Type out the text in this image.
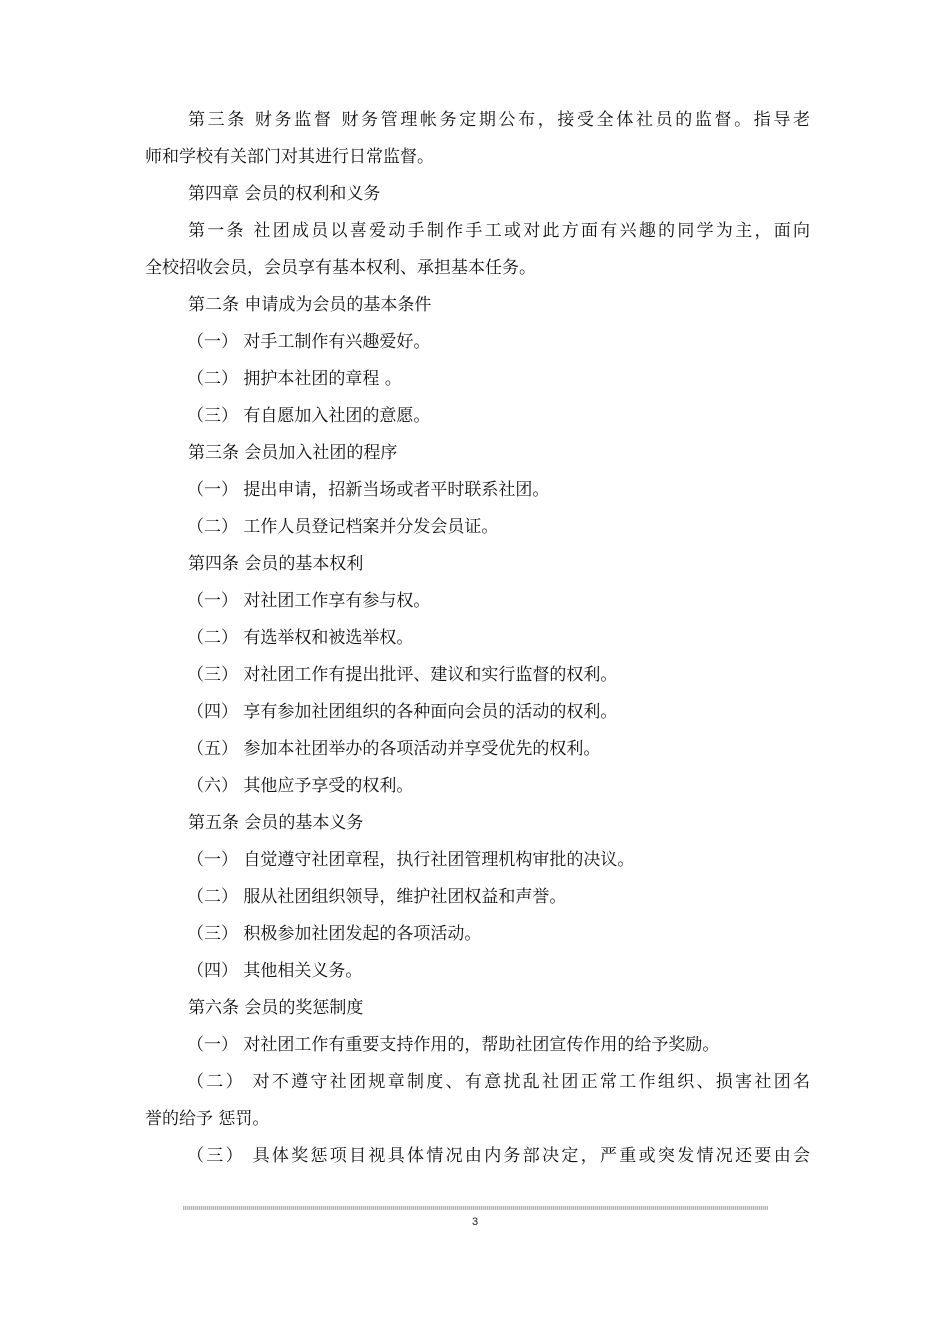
第三条 财务监督 财务管理帐务定期公布，接受全体社员的监督。指导老
师和学校有关部门对其进行日常监督。
第四章 会员的权利和义务
第一条 社团成员以喜爱动手制作手工或对此方面有兴趣的同学为主，面向
全校招收会员，会员享有基本权利、承担基本任务。
第二条 申请成为会员的基本条件
（一） 对手工制作有兴趣爱好。
（二） 拥护本社团的章程 。
（三） 有自愿加入社团的意愿。
第三条 会员加入社团的程序
（一） 提出申请，招新当场或者平时联系社团。
（二） 工作人员登记档案并分发会员证。
第四条 会员的基本权利
（一） 对社团工作享有参与权。
（二） 有选举权和被选举权。
（三） 对社团工作有提出批评、建议和实行监督的权利。
（四） 享有参加社团组织的各种面向会员的活动的权利。
（五） 参加本社团举办的各项活动并享受优先的权利。
（六） 其他应予享受的权利。
第五条 会员的基本义务
（一） 自觉遵守社团章程，执行社团管理机构审批的决议。
（二） 服从社团组织领导，维护社团权益和声誉。
（三） 积极参加社团发起的各项活动。
（四） 其他相关义务。
第六条 会员的奖惩制度
（一） 对社团工作有重要支持作用的，帮助社团宣传作用的给予奖励。
（二） 对不遵守社团规章制度、有意扰乱社团正常工作组织、损害社团名
誉的给予 惩罚。
（三） 具体奖惩项目视具体情况由内务部决定，严重或突发情况还要由会
3
